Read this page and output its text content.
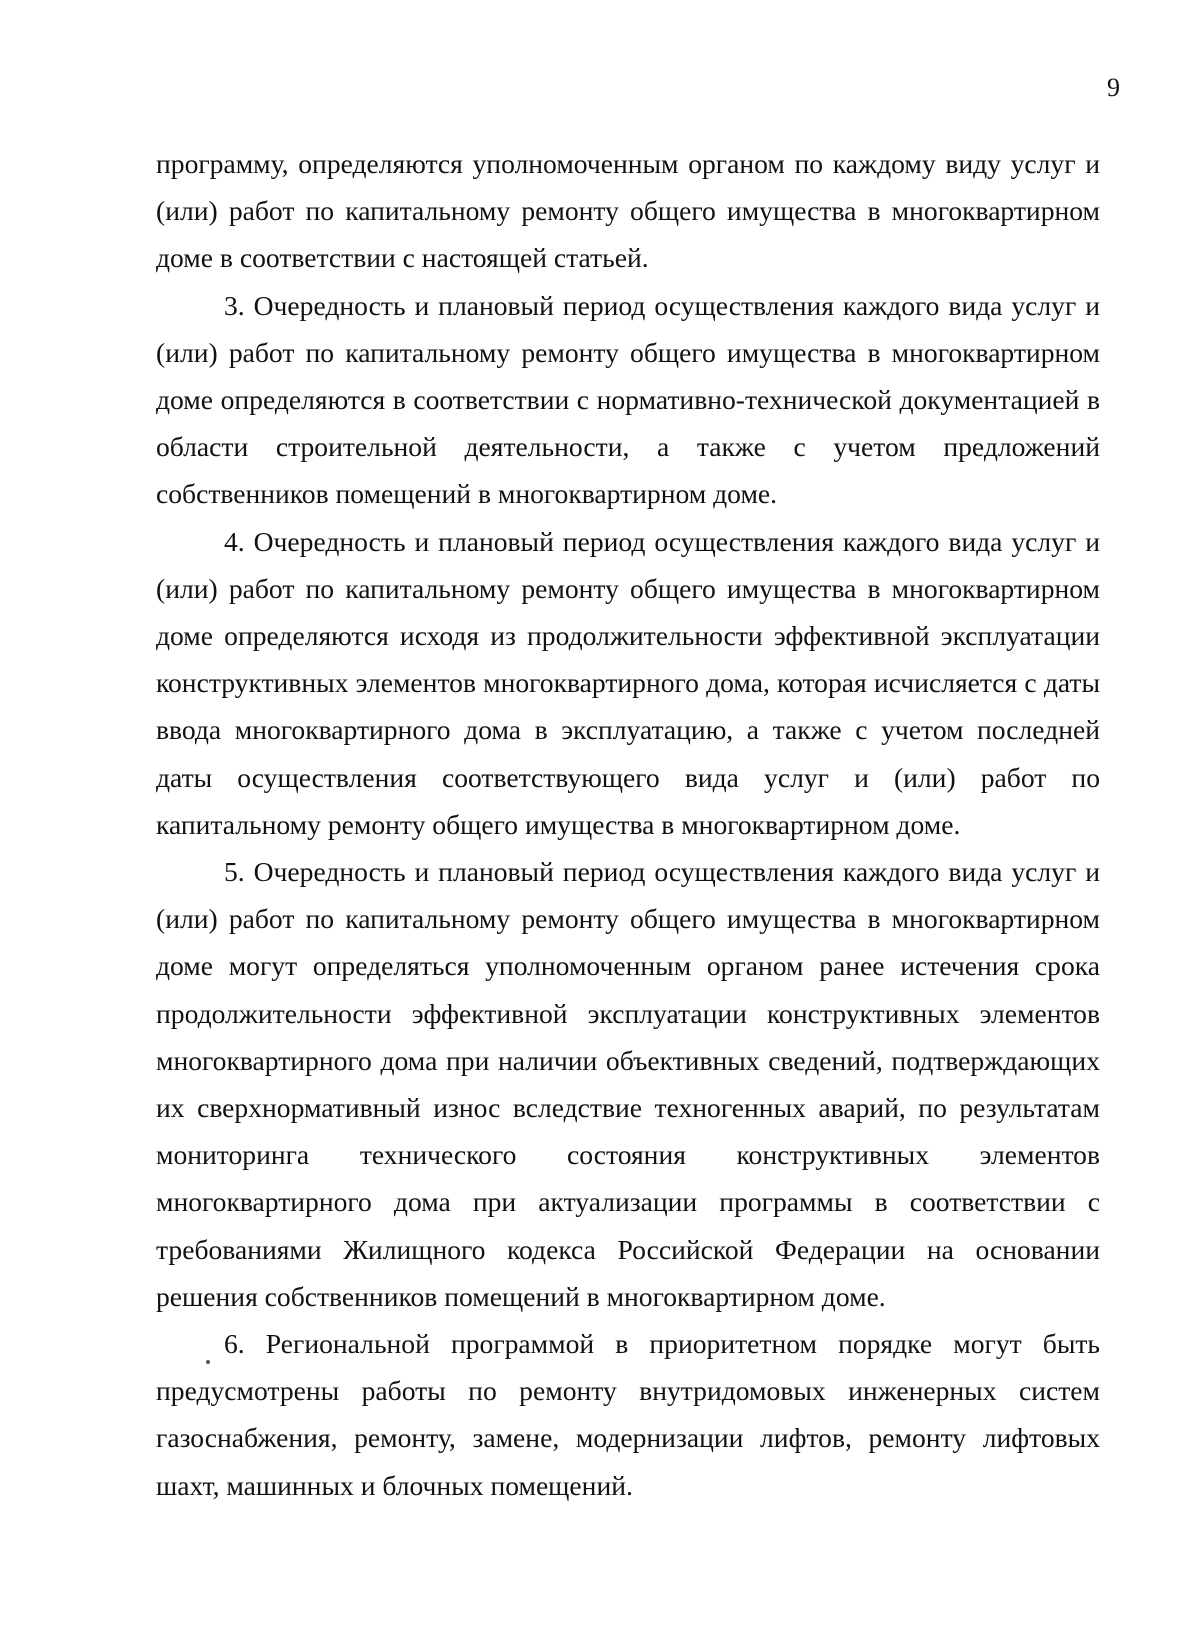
9

программу, определяются уполномоченным органом по каждому виду услуг и (или) работ по капитальному ремонту общего имущества в многоквартирном доме в соответствии с настоящей статьей.

3. Очередность и плановый период осуществления каждого вида услуг и (или) работ по капитальному ремонту общего имущества в многоквартирном доме определяются в соответствии с нормативно-технической документацией в области строительной деятельности, а также с учетом предложений собственников помещений в многоквартирном доме.

4. Очередность и плановый период осуществления каждого вида услуг и (или) работ по капитальному ремонту общего имущества в многоквартирном доме определяются исходя из продолжительности эффективной эксплуатации конструктивных элементов многоквартирного дома, которая исчисляется с даты ввода многоквартирного дома в эксплуатацию, а также с учетом последней даты осуществления соответствующего вида услуг и (или) работ по капитальному ремонту общего имущества в многоквартирном доме.

5. Очередность и плановый период осуществления каждого вида услуг и (или) работ по капитальному ремонту общего имущества в многоквартирном доме могут определяться уполномоченным органом ранее истечения срока продолжительности эффективной эксплуатации конструктивных элементов многоквартирного дома при наличии объективных сведений, подтверждающих их сверхнормативный износ вследствие техногенных аварий, по результатам мониторинга технического состояния конструктивных элементов многоквартирного дома при актуализации программы в соответствии с требованиями Жилищного кодекса Российской Федерации на основании решения собственников помещений в многоквартирном доме.

6. Региональной программой в приоритетном порядке могут быть предусмотрены работы по ремонту внутридомовых инженерных систем газоснабжения, ремонту, замене, модернизации лифтов, ремонту лифтовых шахт, машинных и блочных помещений.
